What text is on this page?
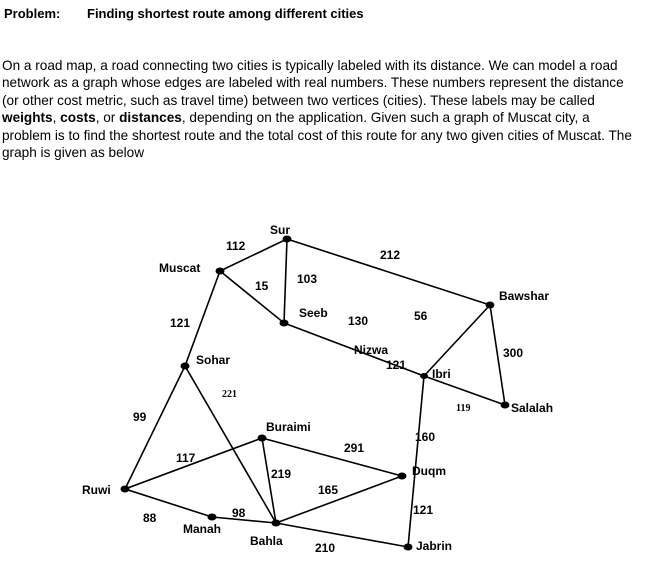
Problem: Finding shortest route among different cities
On a road map, a road connecting two cities is typically labeled with its distance. We can model a road network as a graph whose edges are labeled with real numbers. These numbers represent the distance (or other cost metric, such as travel time) between two vertices (cities). These labels may be called weights, costs, or distances, depending on the application. Given such a graph of Muscat city, a problem is to find the shortest route and the total cost of this route for any two given cities of Muscat. The graph is given as below
Sur
Muscat
Seeb
Bawshar
Nizwa
Ibri
Sohar
Salalah
Buraimi
Duqm
Ruwi
Manah
Bahla	Jabrin
112
212
15 103
130	56
121
121
300
119
221
99
117
291
160
219
165
88	98	121
210
